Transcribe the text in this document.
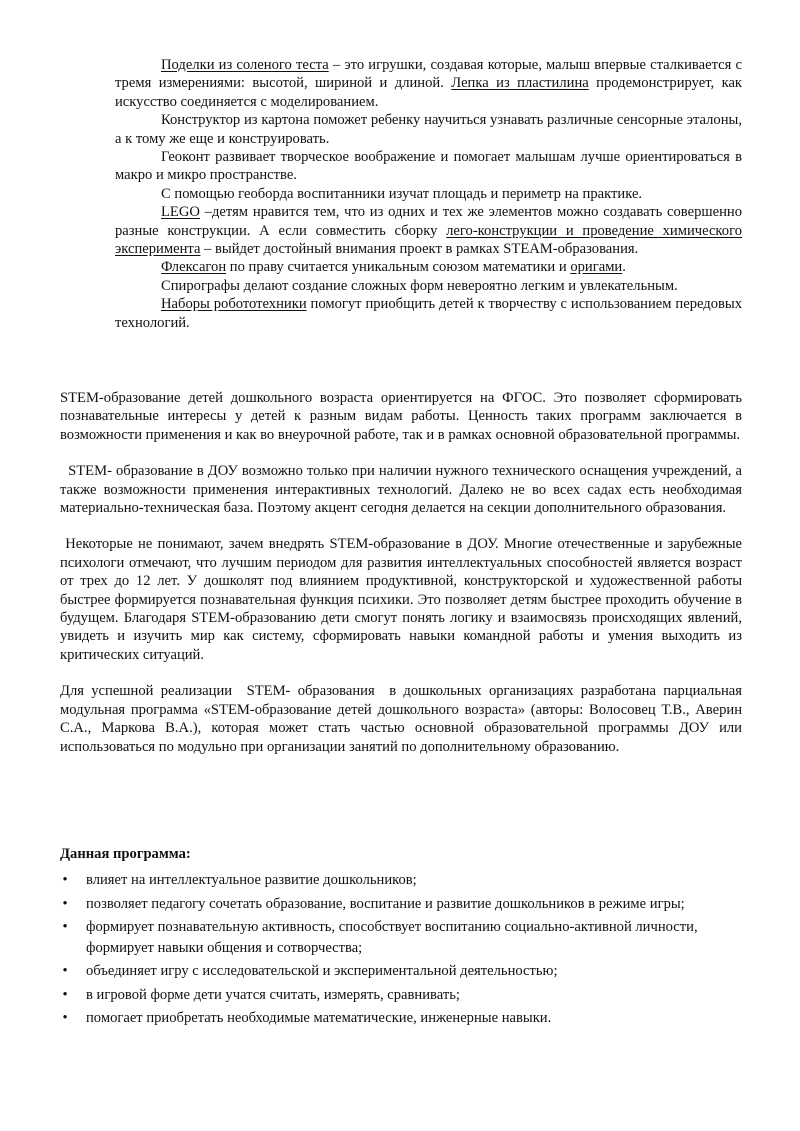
Поделки из соленого теста – это игрушки, создавая которые, малыш впервые сталкивается с тремя измерениями: высотой, шириной и длиной. Лепка из пластилина продемонстрирует, как искусство соединяется с моделированием.

Конструктор из картона поможет ребенку научиться узнавать различные сенсорные эталоны, а к тому же еще и конструировать.

Геоконт развивает творческое воображение и помогает малышам лучше ориентироваться в макро и микро пространстве.

С помощью геоборда воспитанники изучат площадь и периметр на практике.

LEGO –детям нравится тем, что из одних и тех же элементов можно создавать совершенно разные конструкции. А если совместить сборку лего-конструкции и проведение химического эксперимента – выйдет достойный внимания проект в рамках STEAM-образования.

Флексагон по праву считается уникальным союзом математики и оригами.

Спирографы делают создание сложных форм невероятно легким и увлекательным.

Наборы робототехники помогут приобщить детей к творчеству с использованием передовых технологий.

STEM-образование детей дошкольного возраста ориентируется на ФГОС. Это позволяет сформировать познавательные интересы у детей к разным видам работы. Ценность таких программ заключается в возможности применения и как во внеурочной работе, так и в рамках основной образовательной программы.

STEM- образование в ДОУ возможно только при наличии нужного технического оснащения учреждений, а также возможности применения интерактивных технологий. Далеко не во всех садах есть необходимая материально-техническая база. Поэтому акцент сегодня делается на секции дополнительного образования.

Некоторые не понимают, зачем внедрять STEM-образование в ДОУ. Многие отечественные и зарубежные психологи отмечают, что лучшим периодом для развития интеллектуальных способностей является возраст от трех до 12 лет. У дошколят под влиянием продуктивной, конструкторской и художественной работы быстрее формируется познавательная функция психики. Это позволяет детям быстрее проходить обучение в будущем. Благодаря STEM-образованию дети смогут понять логику и взаимосвязь происходящих явлений, увидеть и изучить мир как систему, сформировать навыки командной работы и умения выходить из критических ситуаций.

Для успешной реализации  STEM- образования  в дошкольных организациях разработана парциальная модульная программа «STEM-образование детей дошкольного возраста» (авторы: Волосовец Т.В., Аверин С.А., Маркова В.А.), которая может стать частью основной образовательной программы ДОУ или использоваться по модульно при организации занятий по дополнительному образованию.

Данная программа:
• влияет на интеллектуальное развитие дошкольников;
• позволяет педагогу сочетать образование, воспитание и развитие дошкольников в режиме игры;
• формирует познавательную активность, способствует воспитанию социально-активной личности, формирует навыки общения и сотворчества;
• объединяет игру с исследовательской и экспериментальной деятельностью;
• в игровой форме дети учатся считать, измерять, сравнивать;
• помогает приобретать необходимые математические, инженерные навыки.
